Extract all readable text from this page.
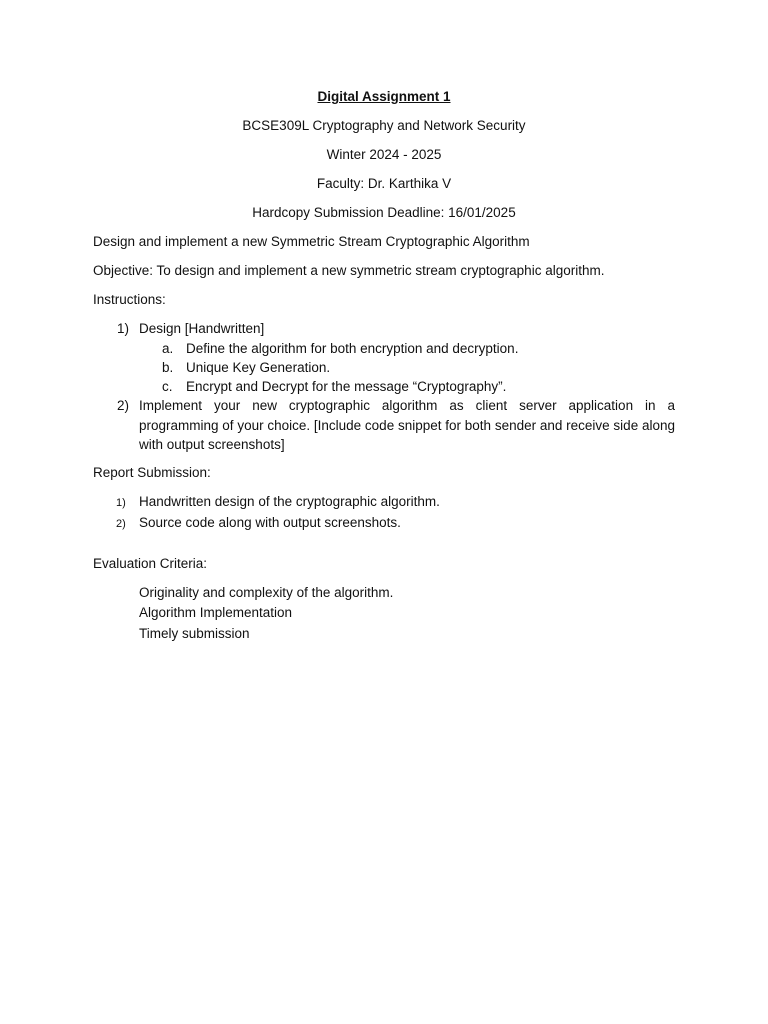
Digital Assignment 1
BCSE309L Cryptography and Network Security
Winter 2024 - 2025
Faculty: Dr. Karthika V
Hardcopy Submission Deadline: 16/01/2025
Design and implement a new Symmetric Stream Cryptographic Algorithm
Objective: To design and implement a new symmetric stream cryptographic algorithm.
Instructions:
1) Design [Handwritten]
a. Define the algorithm for both encryption and decryption.
b. Unique Key Generation.
c. Encrypt and Decrypt for the message “Cryptography”.
2) Implement your new cryptographic algorithm as client server application in a programming of your choice. [Include code snippet for both sender and receive side along with output screenshots]
Report Submission:
1) Handwritten design of the cryptographic algorithm.
2) Source code along with output screenshots.
Evaluation Criteria:
Originality and complexity of the algorithm.
Algorithm Implementation
Timely submission
